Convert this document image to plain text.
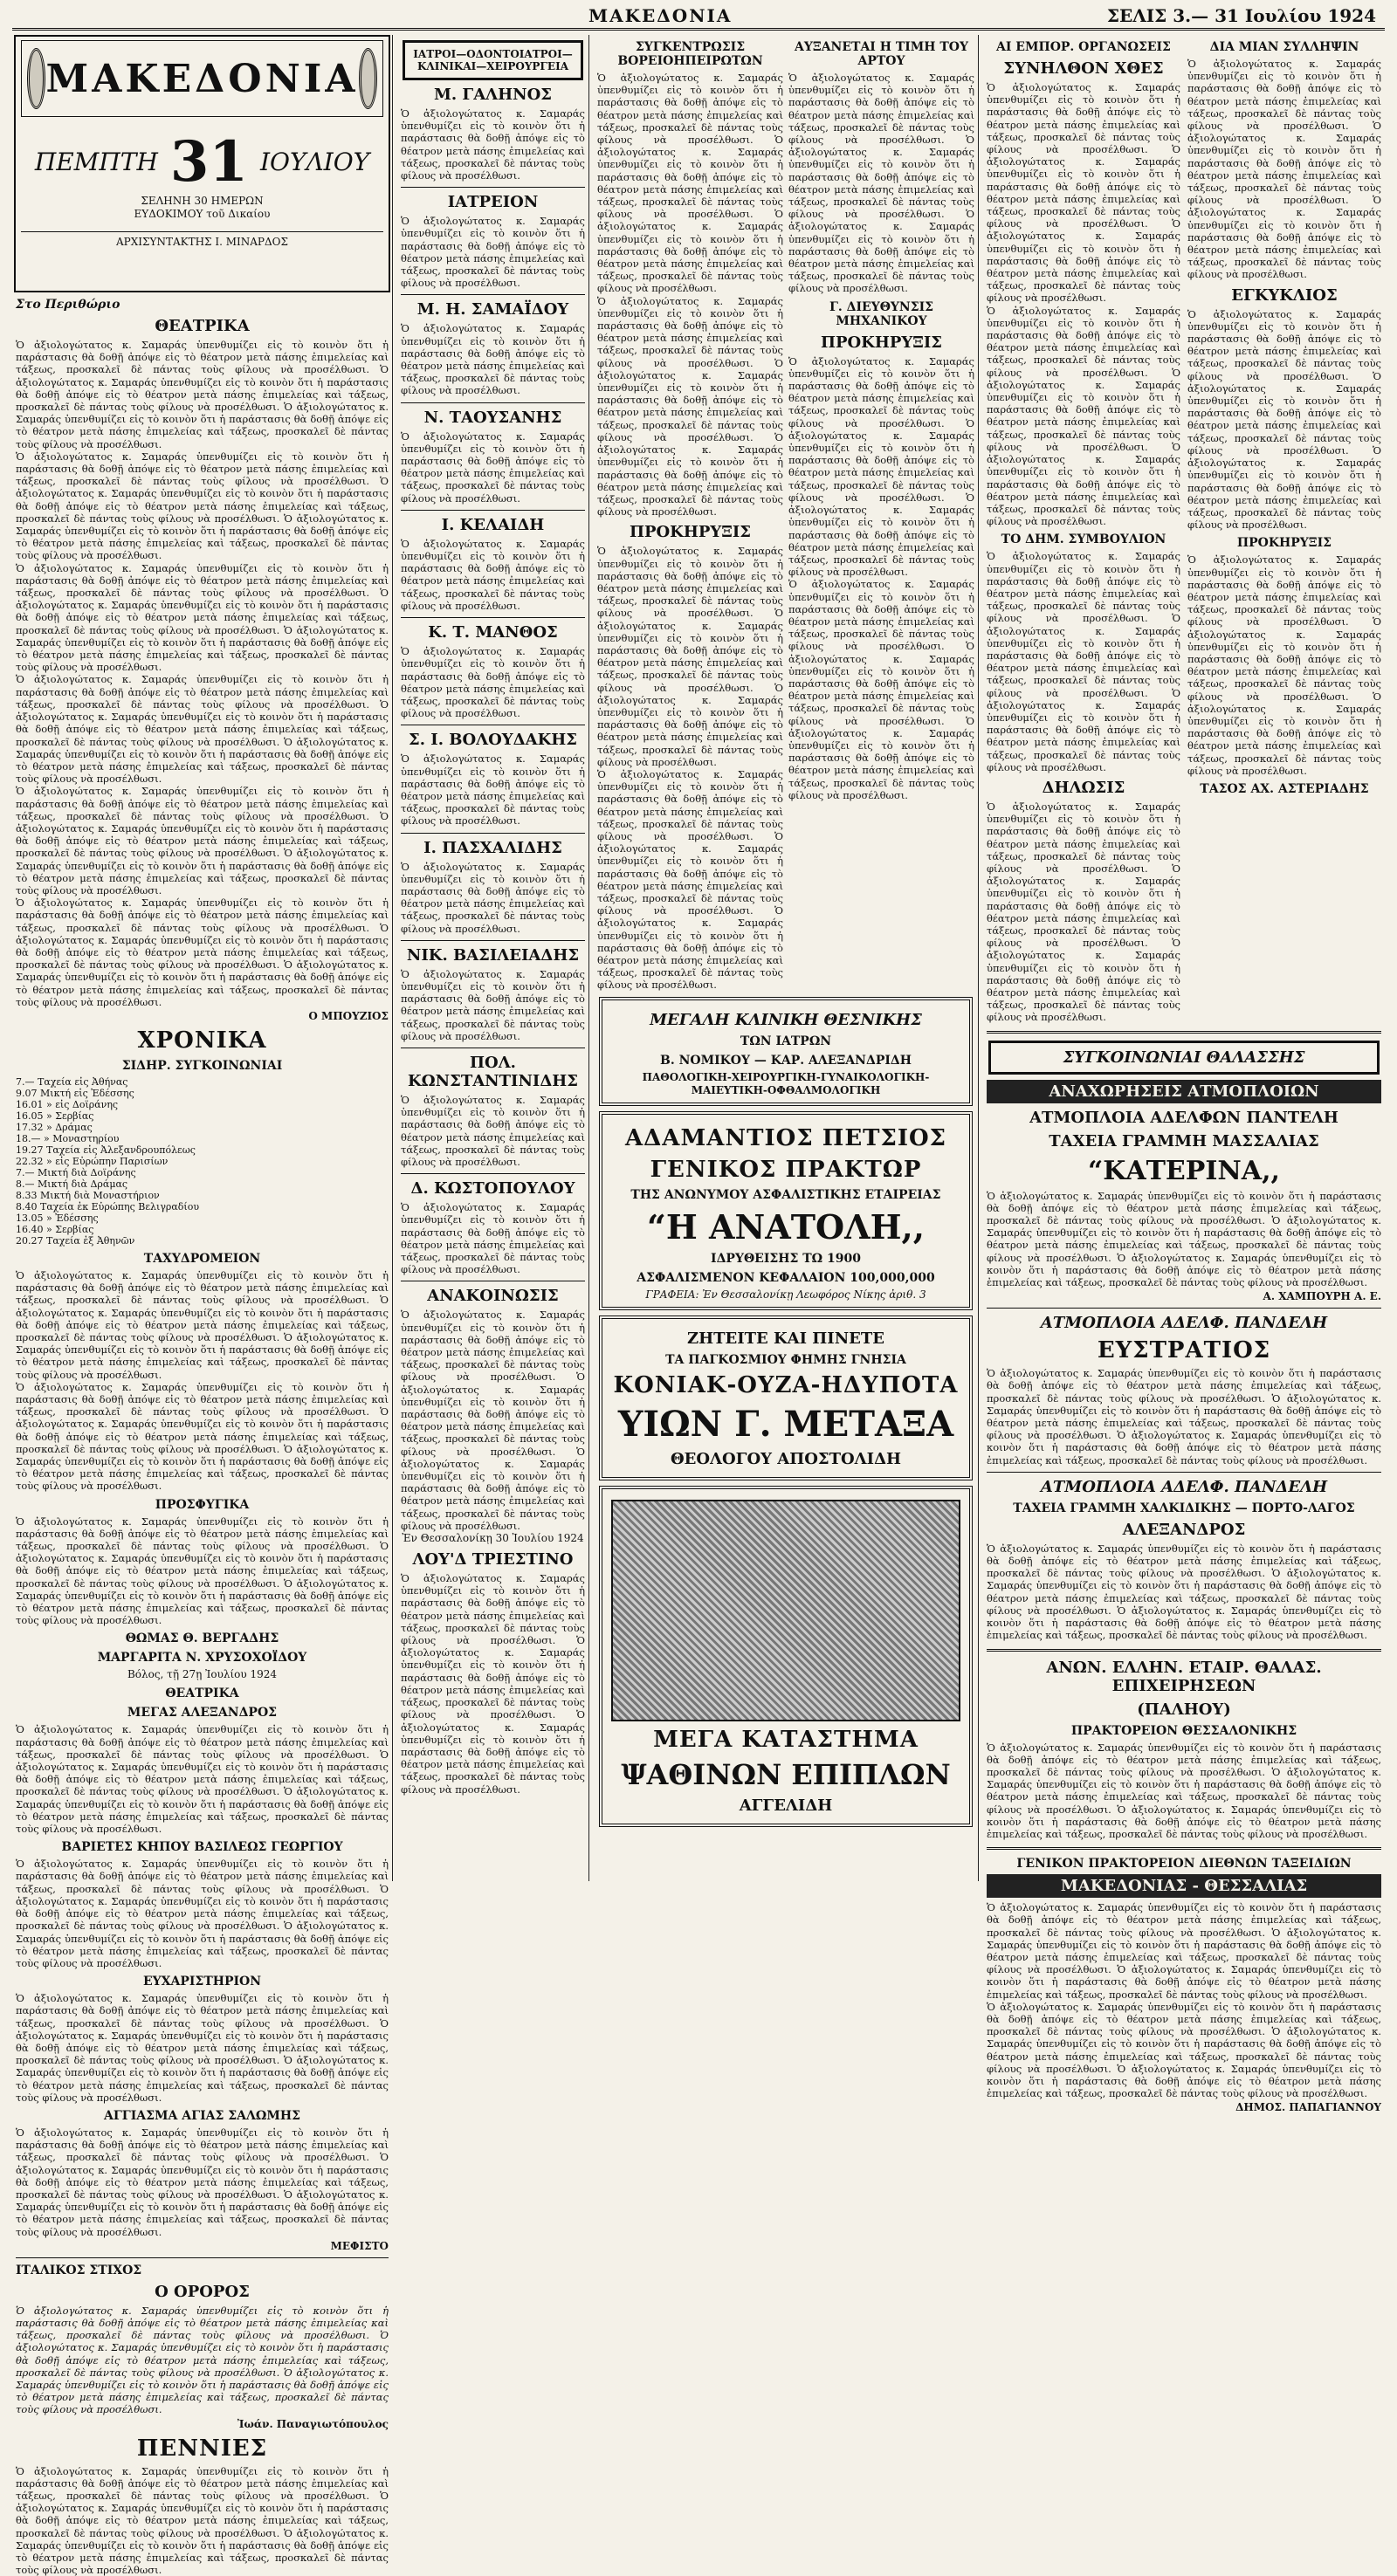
ΜΑΚΕΔΟΝΙΑ	ΣΕΛΙΣ 3.— 31 Ιουλίου 1924
ΜΑΚΕΔΟΝΙΑ
ΠΕΜΠΤΗ 31 ΙΟΥΛΙΟΥ
ΣΕΛΗΝΗ 30 ΗΜΕΡΩΝ
ΕΥΔΟΚΙΜΟΥ τοῦ Δικαίου
ΑΡΧΙΣΥΝΤΑΚΤΗΣ Ι. ΜΙΝΑΡΔΟΣ
Στο Περιθώριο
ΘΕΑΤΡΙΚΑ
Ὁ ἀξιολογώτατος κ. Σαμαράς ὑπενθυμίζει εἰς τὸ κοινὸν ὅτι ἡ παράστασις θὰ δοθῇ ἀπόψε εἰς τὸ θέατρον μετὰ πάσης ἐπιμελείας καὶ τάξεως, προσκαλεῖ δὲ πάντας τοὺς φίλους νὰ προσέλθωσι. Ὁ ἀξιολογώτατος κ. Σαμαράς ὑπενθυμίζει εἰς τὸ κοινὸν ὅτι ἡ παράστασις θὰ δοθῇ ἀπόψε εἰς τὸ θέατρον μετὰ πάσης ἐπιμελείας καὶ τάξεως, προσκαλεῖ δὲ πάντας τοὺς φίλους νὰ προσέλθωσι. Ὁ ἀξιολογώτατος κ. Σαμαράς ὑπενθυμίζει εἰς τὸ κοινὸν ὅτι ἡ παράστασις θὰ δοθῇ ἀπόψε εἰς τὸ θέατρον μετὰ πάσης ἐπιμελείας καὶ τάξεως, προσκαλεῖ δὲ πάντας τοὺς φίλους νὰ προσέλθωσι.
Ὁ ἀξιολογώτατος κ. Σαμαράς ὑπενθυμίζει εἰς τὸ κοινὸν ὅτι ἡ παράστασις θὰ δοθῇ ἀπόψε εἰς τὸ θέατρον μετὰ πάσης ἐπιμελείας καὶ τάξεως, προσκαλεῖ δὲ πάντας τοὺς φίλους νὰ προσέλθωσι. Ὁ ἀξιολογώτατος κ. Σαμαράς ὑπενθυμίζει εἰς τὸ κοινὸν ὅτι ἡ παράστασις θὰ δοθῇ ἀπόψε εἰς τὸ θέατρον μετὰ πάσης ἐπιμελείας καὶ τάξεως, προσκαλεῖ δὲ πάντας τοὺς φίλους νὰ προσέλθωσι. Ὁ ἀξιολογώτατος κ. Σαμαράς ὑπενθυμίζει εἰς τὸ κοινὸν ὅτι ἡ παράστασις θὰ δοθῇ ἀπόψε εἰς τὸ θέατρον μετὰ πάσης ἐπιμελείας καὶ τάξεως, προσκαλεῖ δὲ πάντας τοὺς φίλους νὰ προσέλθωσι.
Ὁ ἀξιολογώτατος κ. Σαμαράς ὑπενθυμίζει εἰς τὸ κοινὸν ὅτι ἡ παράστασις θὰ δοθῇ ἀπόψε εἰς τὸ θέατρον μετὰ πάσης ἐπιμελείας καὶ τάξεως, προσκαλεῖ δὲ πάντας τοὺς φίλους νὰ προσέλθωσι. Ὁ ἀξιολογώτατος κ. Σαμαράς ὑπενθυμίζει εἰς τὸ κοινὸν ὅτι ἡ παράστασις θὰ δοθῇ ἀπόψε εἰς τὸ θέατρον μετὰ πάσης ἐπιμελείας καὶ τάξεως, προσκαλεῖ δὲ πάντας τοὺς φίλους νὰ προσέλθωσι. Ὁ ἀξιολογώτατος κ. Σαμαράς ὑπενθυμίζει εἰς τὸ κοινὸν ὅτι ἡ παράστασις θὰ δοθῇ ἀπόψε εἰς τὸ θέατρον μετὰ πάσης ἐπιμελείας καὶ τάξεως, προσκαλεῖ δὲ πάντας τοὺς φίλους νὰ προσέλθωσι.
Ὁ ἀξιολογώτατος κ. Σαμαράς ὑπενθυμίζει εἰς τὸ κοινὸν ὅτι ἡ παράστασις θὰ δοθῇ ἀπόψε εἰς τὸ θέατρον μετὰ πάσης ἐπιμελείας καὶ τάξεως, προσκαλεῖ δὲ πάντας τοὺς φίλους νὰ προσέλθωσι. Ὁ ἀξιολογώτατος κ. Σαμαράς ὑπενθυμίζει εἰς τὸ κοινὸν ὅτι ἡ παράστασις θὰ δοθῇ ἀπόψε εἰς τὸ θέατρον μετὰ πάσης ἐπιμελείας καὶ τάξεως, προσκαλεῖ δὲ πάντας τοὺς φίλους νὰ προσέλθωσι. Ὁ ἀξιολογώτατος κ. Σαμαράς ὑπενθυμίζει εἰς τὸ κοινὸν ὅτι ἡ παράστασις θὰ δοθῇ ἀπόψε εἰς τὸ θέατρον μετὰ πάσης ἐπιμελείας καὶ τάξεως, προσκαλεῖ δὲ πάντας τοὺς φίλους νὰ προσέλθωσι.
Ὁ ἀξιολογώτατος κ. Σαμαράς ὑπενθυμίζει εἰς τὸ κοινὸν ὅτι ἡ παράστασις θὰ δοθῇ ἀπόψε εἰς τὸ θέατρον μετὰ πάσης ἐπιμελείας καὶ τάξεως, προσκαλεῖ δὲ πάντας τοὺς φίλους νὰ προσέλθωσι. Ὁ ἀξιολογώτατος κ. Σαμαράς ὑπενθυμίζει εἰς τὸ κοινὸν ὅτι ἡ παράστασις θὰ δοθῇ ἀπόψε εἰς τὸ θέατρον μετὰ πάσης ἐπιμελείας καὶ τάξεως, προσκαλεῖ δὲ πάντας τοὺς φίλους νὰ προσέλθωσι. Ὁ ἀξιολογώτατος κ. Σαμαράς ὑπενθυμίζει εἰς τὸ κοινὸν ὅτι ἡ παράστασις θὰ δοθῇ ἀπόψε εἰς τὸ θέατρον μετὰ πάσης ἐπιμελείας καὶ τάξεως, προσκαλεῖ δὲ πάντας τοὺς φίλους νὰ προσέλθωσι.
Ὁ ἀξιολογώτατος κ. Σαμαράς ὑπενθυμίζει εἰς τὸ κοινὸν ὅτι ἡ παράστασις θὰ δοθῇ ἀπόψε εἰς τὸ θέατρον μετὰ πάσης ἐπιμελείας καὶ τάξεως, προσκαλεῖ δὲ πάντας τοὺς φίλους νὰ προσέλθωσι. Ὁ ἀξιολογώτατος κ. Σαμαράς ὑπενθυμίζει εἰς τὸ κοινὸν ὅτι ἡ παράστασις θὰ δοθῇ ἀπόψε εἰς τὸ θέατρον μετὰ πάσης ἐπιμελείας καὶ τάξεως, προσκαλεῖ δὲ πάντας τοὺς φίλους νὰ προσέλθωσι. Ὁ ἀξιολογώτατος κ. Σαμαράς ὑπενθυμίζει εἰς τὸ κοινὸν ὅτι ἡ παράστασις θὰ δοθῇ ἀπόψε εἰς τὸ θέατρον μετὰ πάσης ἐπιμελείας καὶ τάξεως, προσκαλεῖ δὲ πάντας τοὺς φίλους νὰ προσέλθωσι.
Ο ΜΠΟΥΖΙΟΣ
ΧΡΟΝΙΚΑ
ΣΙΔΗΡ. ΣΥΓΚΟΙΝΩΝΙΑΙ
7.— Ταχεία εἰς Ἀθήνας
9.07 Μικτή εἰς Ἐδέσσης
16.01 » εἰς Δοϊράνης
16.05 » Σερβίας
17.32 » Δράμας
18.— » Μοναστηρίου
19.27 Ταχεία εἰς Ἀλεξανδρουπόλεως
22.32 » εἰς Εὐρώπην Παρισίων
7.— Μικτή διὰ Δοϊράνης
8.— Μικτή διὰ Δράμας
8.33 Μικτή διὰ Μοναστήριον
8.40 Ταχεία ἐκ Εὐρώπης Βελιγραδίου
13.05 » Ἐδέσσης
16.40 » Σερβίας
20.27 Ταχεία ἐξ Ἀθηνῶν
ΤΑΧΥΔΡΟΜΕΙΟΝ
Ὁ ἀξιολογώτατος κ. Σαμαράς ὑπενθυμίζει εἰς τὸ κοινὸν ὅτι ἡ παράστασις θὰ δοθῇ ἀπόψε εἰς τὸ θέατρον μετὰ πάσης ἐπιμελείας καὶ τάξεως, προσκαλεῖ δὲ πάντας τοὺς φίλους νὰ προσέλθωσι. Ὁ ἀξιολογώτατος κ. Σαμαράς ὑπενθυμίζει εἰς τὸ κοινὸν ὅτι ἡ παράστασις θὰ δοθῇ ἀπόψε εἰς τὸ θέατρον μετὰ πάσης ἐπιμελείας καὶ τάξεως, προσκαλεῖ δὲ πάντας τοὺς φίλους νὰ προσέλθωσι. Ὁ ἀξιολογώτατος κ. Σαμαράς ὑπενθυμίζει εἰς τὸ κοινὸν ὅτι ἡ παράστασις θὰ δοθῇ ἀπόψε εἰς τὸ θέατρον μετὰ πάσης ἐπιμελείας καὶ τάξεως, προσκαλεῖ δὲ πάντας τοὺς φίλους νὰ προσέλθωσι.
Ὁ ἀξιολογώτατος κ. Σαμαράς ὑπενθυμίζει εἰς τὸ κοινὸν ὅτι ἡ παράστασις θὰ δοθῇ ἀπόψε εἰς τὸ θέατρον μετὰ πάσης ἐπιμελείας καὶ τάξεως, προσκαλεῖ δὲ πάντας τοὺς φίλους νὰ προσέλθωσι. Ὁ ἀξιολογώτατος κ. Σαμαράς ὑπενθυμίζει εἰς τὸ κοινὸν ὅτι ἡ παράστασις θὰ δοθῇ ἀπόψε εἰς τὸ θέατρον μετὰ πάσης ἐπιμελείας καὶ τάξεως, προσκαλεῖ δὲ πάντας τοὺς φίλους νὰ προσέλθωσι. Ὁ ἀξιολογώτατος κ. Σαμαράς ὑπενθυμίζει εἰς τὸ κοινὸν ὅτι ἡ παράστασις θὰ δοθῇ ἀπόψε εἰς τὸ θέατρον μετὰ πάσης ἐπιμελείας καὶ τάξεως, προσκαλεῖ δὲ πάντας τοὺς φίλους νὰ προσέλθωσι.
ΠΡΟΣΦΥΓΙΚΑ
Ὁ ἀξιολογώτατος κ. Σαμαράς ὑπενθυμίζει εἰς τὸ κοινὸν ὅτι ἡ παράστασις θὰ δοθῇ ἀπόψε εἰς τὸ θέατρον μετὰ πάσης ἐπιμελείας καὶ τάξεως, προσκαλεῖ δὲ πάντας τοὺς φίλους νὰ προσέλθωσι. Ὁ ἀξιολογώτατος κ. Σαμαράς ὑπενθυμίζει εἰς τὸ κοινὸν ὅτι ἡ παράστασις θὰ δοθῇ ἀπόψε εἰς τὸ θέατρον μετὰ πάσης ἐπιμελείας καὶ τάξεως, προσκαλεῖ δὲ πάντας τοὺς φίλους νὰ προσέλθωσι. Ὁ ἀξιολογώτατος κ. Σαμαράς ὑπενθυμίζει εἰς τὸ κοινὸν ὅτι ἡ παράστασις θὰ δοθῇ ἀπόψε εἰς τὸ θέατρον μετὰ πάσης ἐπιμελείας καὶ τάξεως, προσκαλεῖ δὲ πάντας τοὺς φίλους νὰ προσέλθωσι.
ΘΩΜΑΣ Θ. ΒΕΡΓΑΔΗΣ
ΜΑΡΓΑΡΙΤΑ Ν. ΧΡΥΣΟΧΟΪΔΟΥ
Βόλος, τῇ 27ῃ Ἰουλίου 1924
ΘΕΑΤΡΙΚΑ
ΜΕΓΑΣ ΑΛΕΞΑΝΔΡΟΣ
Ὁ ἀξιολογώτατος κ. Σαμαράς ὑπενθυμίζει εἰς τὸ κοινὸν ὅτι ἡ παράστασις θὰ δοθῇ ἀπόψε εἰς τὸ θέατρον μετὰ πάσης ἐπιμελείας καὶ τάξεως, προσκαλεῖ δὲ πάντας τοὺς φίλους νὰ προσέλθωσι. Ὁ ἀξιολογώτατος κ. Σαμαράς ὑπενθυμίζει εἰς τὸ κοινὸν ὅτι ἡ παράστασις θὰ δοθῇ ἀπόψε εἰς τὸ θέατρον μετὰ πάσης ἐπιμελείας καὶ τάξεως, προσκαλεῖ δὲ πάντας τοὺς φίλους νὰ προσέλθωσι. Ὁ ἀξιολογώτατος κ. Σαμαράς ὑπενθυμίζει εἰς τὸ κοινὸν ὅτι ἡ παράστασις θὰ δοθῇ ἀπόψε εἰς τὸ θέατρον μετὰ πάσης ἐπιμελείας καὶ τάξεως, προσκαλεῖ δὲ πάντας τοὺς φίλους νὰ προσέλθωσι.
ΒΑΡΙΕΤΕΣ ΚΗΠΟΥ ΒΑΣΙΛΕΩΣ ΓΕΩΡΓΙΟΥ
Ὁ ἀξιολογώτατος κ. Σαμαράς ὑπενθυμίζει εἰς τὸ κοινὸν ὅτι ἡ παράστασις θὰ δοθῇ ἀπόψε εἰς τὸ θέατρον μετὰ πάσης ἐπιμελείας καὶ τάξεως, προσκαλεῖ δὲ πάντας τοὺς φίλους νὰ προσέλθωσι. Ὁ ἀξιολογώτατος κ. Σαμαράς ὑπενθυμίζει εἰς τὸ κοινὸν ὅτι ἡ παράστασις θὰ δοθῇ ἀπόψε εἰς τὸ θέατρον μετὰ πάσης ἐπιμελείας καὶ τάξεως, προσκαλεῖ δὲ πάντας τοὺς φίλους νὰ προσέλθωσι. Ὁ ἀξιολογώτατος κ. Σαμαράς ὑπενθυμίζει εἰς τὸ κοινὸν ὅτι ἡ παράστασις θὰ δοθῇ ἀπόψε εἰς τὸ θέατρον μετὰ πάσης ἐπιμελείας καὶ τάξεως, προσκαλεῖ δὲ πάντας τοὺς φίλους νὰ προσέλθωσι.
ΕΥΧΑΡΙΣΤΗΡΙΟΝ
Ὁ ἀξιολογώτατος κ. Σαμαράς ὑπενθυμίζει εἰς τὸ κοινὸν ὅτι ἡ παράστασις θὰ δοθῇ ἀπόψε εἰς τὸ θέατρον μετὰ πάσης ἐπιμελείας καὶ τάξεως, προσκαλεῖ δὲ πάντας τοὺς φίλους νὰ προσέλθωσι. Ὁ ἀξιολογώτατος κ. Σαμαράς ὑπενθυμίζει εἰς τὸ κοινὸν ὅτι ἡ παράστασις θὰ δοθῇ ἀπόψε εἰς τὸ θέατρον μετὰ πάσης ἐπιμελείας καὶ τάξεως, προσκαλεῖ δὲ πάντας τοὺς φίλους νὰ προσέλθωσι. Ὁ ἀξιολογώτατος κ. Σαμαράς ὑπενθυμίζει εἰς τὸ κοινὸν ὅτι ἡ παράστασις θὰ δοθῇ ἀπόψε εἰς τὸ θέατρον μετὰ πάσης ἐπιμελείας καὶ τάξεως, προσκαλεῖ δὲ πάντας τοὺς φίλους νὰ προσέλθωσι.
ΑΓΓΙΑΣΜΑ ΑΓΙΑΣ ΣΑΛΩΜΗΣ
Ὁ ἀξιολογώτατος κ. Σαμαράς ὑπενθυμίζει εἰς τὸ κοινὸν ὅτι ἡ παράστασις θὰ δοθῇ ἀπόψε εἰς τὸ θέατρον μετὰ πάσης ἐπιμελείας καὶ τάξεως, προσκαλεῖ δὲ πάντας τοὺς φίλους νὰ προσέλθωσι. Ὁ ἀξιολογώτατος κ. Σαμαράς ὑπενθυμίζει εἰς τὸ κοινὸν ὅτι ἡ παράστασις θὰ δοθῇ ἀπόψε εἰς τὸ θέατρον μετὰ πάσης ἐπιμελείας καὶ τάξεως, προσκαλεῖ δὲ πάντας τοὺς φίλους νὰ προσέλθωσι. Ὁ ἀξιολογώτατος κ. Σαμαράς ὑπενθυμίζει εἰς τὸ κοινὸν ὅτι ἡ παράστασις θὰ δοθῇ ἀπόψε εἰς τὸ θέατρον μετὰ πάσης ἐπιμελείας καὶ τάξεως, προσκαλεῖ δὲ πάντας τοὺς φίλους νὰ προσέλθωσι.
ΜΕΦΙΣΤΟ
ΙΤΑΛΙΚΟΣ ΣΤΙΧΟΣ
Ο ΟΡΟΡΟΣ
Ὁ ἀξιολογώτατος κ. Σαμαράς ὑπενθυμίζει εἰς τὸ κοινὸν ὅτι ἡ παράστασις θὰ δοθῇ ἀπόψε εἰς τὸ θέατρον μετὰ πάσης ἐπιμελείας καὶ τάξεως, προσκαλεῖ δὲ πάντας τοὺς φίλους νὰ προσέλθωσι. Ὁ ἀξιολογώτατος κ. Σαμαράς ὑπενθυμίζει εἰς τὸ κοινὸν ὅτι ἡ παράστασις θὰ δοθῇ ἀπόψε εἰς τὸ θέατρον μετὰ πάσης ἐπιμελείας καὶ τάξεως, προσκαλεῖ δὲ πάντας τοὺς φίλους νὰ προσέλθωσι. Ὁ ἀξιολογώτατος κ. Σαμαράς ὑπενθυμίζει εἰς τὸ κοινὸν ὅτι ἡ παράστασις θὰ δοθῇ ἀπόψε εἰς τὸ θέατρον μετὰ πάσης ἐπιμελείας καὶ τάξεως, προσκαλεῖ δὲ πάντας τοὺς φίλους νὰ προσέλθωσι.
Ἰωάν. Παναγιωτόπουλος
ΠΕΝΝΙΕΣ
Ὁ ἀξιολογώτατος κ. Σαμαράς ὑπενθυμίζει εἰς τὸ κοινὸν ὅτι ἡ παράστασις θὰ δοθῇ ἀπόψε εἰς τὸ θέατρον μετὰ πάσης ἐπιμελείας καὶ τάξεως, προσκαλεῖ δὲ πάντας τοὺς φίλους νὰ προσέλθωσι. Ὁ ἀξιολογώτατος κ. Σαμαράς ὑπενθυμίζει εἰς τὸ κοινὸν ὅτι ἡ παράστασις θὰ δοθῇ ἀπόψε εἰς τὸ θέατρον μετὰ πάσης ἐπιμελείας καὶ τάξεως, προσκαλεῖ δὲ πάντας τοὺς φίλους νὰ προσέλθωσι. Ὁ ἀξιολογώτατος κ. Σαμαράς ὑπενθυμίζει εἰς τὸ κοινὸν ὅτι ἡ παράστασις θὰ δοθῇ ἀπόψε εἰς τὸ θέατρον μετὰ πάσης ἐπιμελείας καὶ τάξεως, προσκαλεῖ δὲ πάντας τοὺς φίλους νὰ προσέλθωσι.
ΙΑΤΡΟΙ—ΟΔΟΝΤΟΙΑΤΡΟΙ—ΚΛΙΝΙΚΑΙ—ΧΕΙΡΟΥΡΓΕΙΑ
Μ. ΓΑΛΗΝΟΣ
Ὁ ἀξιολογώτατος κ. Σαμαράς ὑπενθυμίζει εἰς τὸ κοινὸν ὅτι ἡ παράστασις θὰ δοθῇ ἀπόψε εἰς τὸ θέατρον μετὰ πάσης ἐπιμελείας καὶ τάξεως, προσκαλεῖ δὲ πάντας τοὺς φίλους νὰ προσέλθωσι.
ΙΑΤΡΕΙΟΝ
Ὁ ἀξιολογώτατος κ. Σαμαράς ὑπενθυμίζει εἰς τὸ κοινὸν ὅτι ἡ παράστασις θὰ δοθῇ ἀπόψε εἰς τὸ θέατρον μετὰ πάσης ἐπιμελείας καὶ τάξεως, προσκαλεῖ δὲ πάντας τοὺς φίλους νὰ προσέλθωσι.
Μ. Η. ΣΑΜΑΪΔΟΥ
Ὁ ἀξιολογώτατος κ. Σαμαράς ὑπενθυμίζει εἰς τὸ κοινὸν ὅτι ἡ παράστασις θὰ δοθῇ ἀπόψε εἰς τὸ θέατρον μετὰ πάσης ἐπιμελείας καὶ τάξεως, προσκαλεῖ δὲ πάντας τοὺς φίλους νὰ προσέλθωσι.
Ν. ΤΑΟΥΣΑΝΗΣ
Ὁ ἀξιολογώτατος κ. Σαμαράς ὑπενθυμίζει εἰς τὸ κοινὸν ὅτι ἡ παράστασις θὰ δοθῇ ἀπόψε εἰς τὸ θέατρον μετὰ πάσης ἐπιμελείας καὶ τάξεως, προσκαλεῖ δὲ πάντας τοὺς φίλους νὰ προσέλθωσι.
Ι. ΚΕΛΑΙΔΗ
Ὁ ἀξιολογώτατος κ. Σαμαράς ὑπενθυμίζει εἰς τὸ κοινὸν ὅτι ἡ παράστασις θὰ δοθῇ ἀπόψε εἰς τὸ θέατρον μετὰ πάσης ἐπιμελείας καὶ τάξεως, προσκαλεῖ δὲ πάντας τοὺς φίλους νὰ προσέλθωσι.
Κ. Τ. ΜΑΝΘΟΣ
Ὁ ἀξιολογώτατος κ. Σαμαράς ὑπενθυμίζει εἰς τὸ κοινὸν ὅτι ἡ παράστασις θὰ δοθῇ ἀπόψε εἰς τὸ θέατρον μετὰ πάσης ἐπιμελείας καὶ τάξεως, προσκαλεῖ δὲ πάντας τοὺς φίλους νὰ προσέλθωσι.
Σ. Ι. ΒΟΛΟΥΔΑΚΗΣ
Ὁ ἀξιολογώτατος κ. Σαμαράς ὑπενθυμίζει εἰς τὸ κοινὸν ὅτι ἡ παράστασις θὰ δοθῇ ἀπόψε εἰς τὸ θέατρον μετὰ πάσης ἐπιμελείας καὶ τάξεως, προσκαλεῖ δὲ πάντας τοὺς φίλους νὰ προσέλθωσι.
Ι. ΠΑΣΧΑΛΙΔΗΣ
Ὁ ἀξιολογώτατος κ. Σαμαράς ὑπενθυμίζει εἰς τὸ κοινὸν ὅτι ἡ παράστασις θὰ δοθῇ ἀπόψε εἰς τὸ θέατρον μετὰ πάσης ἐπιμελείας καὶ τάξεως, προσκαλεῖ δὲ πάντας τοὺς φίλους νὰ προσέλθωσι.
ΝΙΚ. ΒΑΣΙΛΕΙΑΔΗΣ
Ὁ ἀξιολογώτατος κ. Σαμαράς ὑπενθυμίζει εἰς τὸ κοινὸν ὅτι ἡ παράστασις θὰ δοθῇ ἀπόψε εἰς τὸ θέατρον μετὰ πάσης ἐπιμελείας καὶ τάξεως, προσκαλεῖ δὲ πάντας τοὺς φίλους νὰ προσέλθωσι.
ΠΟΛ. ΚΩΝΣΤΑΝΤΙΝΙΔΗΣ
Ὁ ἀξιολογώτατος κ. Σαμαράς ὑπενθυμίζει εἰς τὸ κοινὸν ὅτι ἡ παράστασις θὰ δοθῇ ἀπόψε εἰς τὸ θέατρον μετὰ πάσης ἐπιμελείας καὶ τάξεως, προσκαλεῖ δὲ πάντας τοὺς φίλους νὰ προσέλθωσι.
Δ. ΚΩΣΤΟΠΟΥΛΟΥ
Ὁ ἀξιολογώτατος κ. Σαμαράς ὑπενθυμίζει εἰς τὸ κοινὸν ὅτι ἡ παράστασις θὰ δοθῇ ἀπόψε εἰς τὸ θέατρον μετὰ πάσης ἐπιμελείας καὶ τάξεως, προσκαλεῖ δὲ πάντας τοὺς φίλους νὰ προσέλθωσι.
ΑΝΑΚΟΙΝΩΣΙΣ
Ὁ ἀξιολογώτατος κ. Σαμαράς ὑπενθυμίζει εἰς τὸ κοινὸν ὅτι ἡ παράστασις θὰ δοθῇ ἀπόψε εἰς τὸ θέατρον μετὰ πάσης ἐπιμελείας καὶ τάξεως, προσκαλεῖ δὲ πάντας τοὺς φίλους νὰ προσέλθωσι. Ὁ ἀξιολογώτατος κ. Σαμαράς ὑπενθυμίζει εἰς τὸ κοινὸν ὅτι ἡ παράστασις θὰ δοθῇ ἀπόψε εἰς τὸ θέατρον μετὰ πάσης ἐπιμελείας καὶ τάξεως, προσκαλεῖ δὲ πάντας τοὺς φίλους νὰ προσέλθωσι. Ὁ ἀξιολογώτατος κ. Σαμαράς ὑπενθυμίζει εἰς τὸ κοινὸν ὅτι ἡ παράστασις θὰ δοθῇ ἀπόψε εἰς τὸ θέατρον μετὰ πάσης ἐπιμελείας καὶ τάξεως, προσκαλεῖ δὲ πάντας τοὺς φίλους νὰ προσέλθωσι.
Ἐν Θεσσαλονίκῃ 30 Ἰουλίου 1924
ΛΟΥ'Δ ΤΡΙΕΣΤΙΝΟ
Ὁ ἀξιολογώτατος κ. Σαμαράς ὑπενθυμίζει εἰς τὸ κοινὸν ὅτι ἡ παράστασις θὰ δοθῇ ἀπόψε εἰς τὸ θέατρον μετὰ πάσης ἐπιμελείας καὶ τάξεως, προσκαλεῖ δὲ πάντας τοὺς φίλους νὰ προσέλθωσι. Ὁ ἀξιολογώτατος κ. Σαμαράς ὑπενθυμίζει εἰς τὸ κοινὸν ὅτι ἡ παράστασις θὰ δοθῇ ἀπόψε εἰς τὸ θέατρον μετὰ πάσης ἐπιμελείας καὶ τάξεως, προσκαλεῖ δὲ πάντας τοὺς φίλους νὰ προσέλθωσι. Ὁ ἀξιολογώτατος κ. Σαμαράς ὑπενθυμίζει εἰς τὸ κοινὸν ὅτι ἡ παράστασις θὰ δοθῇ ἀπόψε εἰς τὸ θέατρον μετὰ πάσης ἐπιμελείας καὶ τάξεως, προσκαλεῖ δὲ πάντας τοὺς φίλους νὰ προσέλθωσι.
ΣΥΓΚΕΝΤΡΩΣΙΣ ΒΟΡΕΙΟΗΠΕΙΡΩΤΩΝ
Ὁ ἀξιολογώτατος κ. Σαμαράς ὑπενθυμίζει εἰς τὸ κοινὸν ὅτι ἡ παράστασις θὰ δοθῇ ἀπόψε εἰς τὸ θέατρον μετὰ πάσης ἐπιμελείας καὶ τάξεως, προσκαλεῖ δὲ πάντας τοὺς φίλους νὰ προσέλθωσι. Ὁ ἀξιολογώτατος κ. Σαμαράς ὑπενθυμίζει εἰς τὸ κοινὸν ὅτι ἡ παράστασις θὰ δοθῇ ἀπόψε εἰς τὸ θέατρον μετὰ πάσης ἐπιμελείας καὶ τάξεως, προσκαλεῖ δὲ πάντας τοὺς φίλους νὰ προσέλθωσι. Ὁ ἀξιολογώτατος κ. Σαμαράς ὑπενθυμίζει εἰς τὸ κοινὸν ὅτι ἡ παράστασις θὰ δοθῇ ἀπόψε εἰς τὸ θέατρον μετὰ πάσης ἐπιμελείας καὶ τάξεως, προσκαλεῖ δὲ πάντας τοὺς φίλους νὰ προσέλθωσι.
Ὁ ἀξιολογώτατος κ. Σαμαράς ὑπενθυμίζει εἰς τὸ κοινὸν ὅτι ἡ παράστασις θὰ δοθῇ ἀπόψε εἰς τὸ θέατρον μετὰ πάσης ἐπιμελείας καὶ τάξεως, προσκαλεῖ δὲ πάντας τοὺς φίλους νὰ προσέλθωσι. Ὁ ἀξιολογώτατος κ. Σαμαράς ὑπενθυμίζει εἰς τὸ κοινὸν ὅτι ἡ παράστασις θὰ δοθῇ ἀπόψε εἰς τὸ θέατρον μετὰ πάσης ἐπιμελείας καὶ τάξεως, προσκαλεῖ δὲ πάντας τοὺς φίλους νὰ προσέλθωσι. Ὁ ἀξιολογώτατος κ. Σαμαράς ὑπενθυμίζει εἰς τὸ κοινὸν ὅτι ἡ παράστασις θὰ δοθῇ ἀπόψε εἰς τὸ θέατρον μετὰ πάσης ἐπιμελείας καὶ τάξεως, προσκαλεῖ δὲ πάντας τοὺς φίλους νὰ προσέλθωσι.
ΠΡΟΚΗΡΥΞΙΣ
Ὁ ἀξιολογώτατος κ. Σαμαράς ὑπενθυμίζει εἰς τὸ κοινὸν ὅτι ἡ παράστασις θὰ δοθῇ ἀπόψε εἰς τὸ θέατρον μετὰ πάσης ἐπιμελείας καὶ τάξεως, προσκαλεῖ δὲ πάντας τοὺς φίλους νὰ προσέλθωσι. Ὁ ἀξιολογώτατος κ. Σαμαράς ὑπενθυμίζει εἰς τὸ κοινὸν ὅτι ἡ παράστασις θὰ δοθῇ ἀπόψε εἰς τὸ θέατρον μετὰ πάσης ἐπιμελείας καὶ τάξεως, προσκαλεῖ δὲ πάντας τοὺς φίλους νὰ προσέλθωσι. Ὁ ἀξιολογώτατος κ. Σαμαράς ὑπενθυμίζει εἰς τὸ κοινὸν ὅτι ἡ παράστασις θὰ δοθῇ ἀπόψε εἰς τὸ θέατρον μετὰ πάσης ἐπιμελείας καὶ τάξεως, προσκαλεῖ δὲ πάντας τοὺς φίλους νὰ προσέλθωσι.
Ὁ ἀξιολογώτατος κ. Σαμαράς ὑπενθυμίζει εἰς τὸ κοινὸν ὅτι ἡ παράστασις θὰ δοθῇ ἀπόψε εἰς τὸ θέατρον μετὰ πάσης ἐπιμελείας καὶ τάξεως, προσκαλεῖ δὲ πάντας τοὺς φίλους νὰ προσέλθωσι. Ὁ ἀξιολογώτατος κ. Σαμαράς ὑπενθυμίζει εἰς τὸ κοινὸν ὅτι ἡ παράστασις θὰ δοθῇ ἀπόψε εἰς τὸ θέατρον μετὰ πάσης ἐπιμελείας καὶ τάξεως, προσκαλεῖ δὲ πάντας τοὺς φίλους νὰ προσέλθωσι. Ὁ ἀξιολογώτατος κ. Σαμαράς ὑπενθυμίζει εἰς τὸ κοινὸν ὅτι ἡ παράστασις θὰ δοθῇ ἀπόψε εἰς τὸ θέατρον μετὰ πάσης ἐπιμελείας καὶ τάξεως, προσκαλεῖ δὲ πάντας τοὺς φίλους νὰ προσέλθωσι.
ΑΥΞΑΝΕΤΑΙ Η ΤΙΜΗ ΤΟΥ ΑΡΤΟΥ
Ὁ ἀξιολογώτατος κ. Σαμαράς ὑπενθυμίζει εἰς τὸ κοινὸν ὅτι ἡ παράστασις θὰ δοθῇ ἀπόψε εἰς τὸ θέατρον μετὰ πάσης ἐπιμελείας καὶ τάξεως, προσκαλεῖ δὲ πάντας τοὺς φίλους νὰ προσέλθωσι. Ὁ ἀξιολογώτατος κ. Σαμαράς ὑπενθυμίζει εἰς τὸ κοινὸν ὅτι ἡ παράστασις θὰ δοθῇ ἀπόψε εἰς τὸ θέατρον μετὰ πάσης ἐπιμελείας καὶ τάξεως, προσκαλεῖ δὲ πάντας τοὺς φίλους νὰ προσέλθωσι. Ὁ ἀξιολογώτατος κ. Σαμαράς ὑπενθυμίζει εἰς τὸ κοινὸν ὅτι ἡ παράστασις θὰ δοθῇ ἀπόψε εἰς τὸ θέατρον μετὰ πάσης ἐπιμελείας καὶ τάξεως, προσκαλεῖ δὲ πάντας τοὺς φίλους νὰ προσέλθωσι.
Γ. ΔΙΕΥΘΥΝΣΙΣ ΜΗΧΑΝΙΚΟΥ
ΠΡΟΚΗΡΥΞΙΣ
Ὁ ἀξιολογώτατος κ. Σαμαράς ὑπενθυμίζει εἰς τὸ κοινὸν ὅτι ἡ παράστασις θὰ δοθῇ ἀπόψε εἰς τὸ θέατρον μετὰ πάσης ἐπιμελείας καὶ τάξεως, προσκαλεῖ δὲ πάντας τοὺς φίλους νὰ προσέλθωσι. Ὁ ἀξιολογώτατος κ. Σαμαράς ὑπενθυμίζει εἰς τὸ κοινὸν ὅτι ἡ παράστασις θὰ δοθῇ ἀπόψε εἰς τὸ θέατρον μετὰ πάσης ἐπιμελείας καὶ τάξεως, προσκαλεῖ δὲ πάντας τοὺς φίλους νὰ προσέλθωσι. Ὁ ἀξιολογώτατος κ. Σαμαράς ὑπενθυμίζει εἰς τὸ κοινὸν ὅτι ἡ παράστασις θὰ δοθῇ ἀπόψε εἰς τὸ θέατρον μετὰ πάσης ἐπιμελείας καὶ τάξεως, προσκαλεῖ δὲ πάντας τοὺς φίλους νὰ προσέλθωσι.
Ὁ ἀξιολογώτατος κ. Σαμαράς ὑπενθυμίζει εἰς τὸ κοινὸν ὅτι ἡ παράστασις θὰ δοθῇ ἀπόψε εἰς τὸ θέατρον μετὰ πάσης ἐπιμελείας καὶ τάξεως, προσκαλεῖ δὲ πάντας τοὺς φίλους νὰ προσέλθωσι. Ὁ ἀξιολογώτατος κ. Σαμαράς ὑπενθυμίζει εἰς τὸ κοινὸν ὅτι ἡ παράστασις θὰ δοθῇ ἀπόψε εἰς τὸ θέατρον μετὰ πάσης ἐπιμελείας καὶ τάξεως, προσκαλεῖ δὲ πάντας τοὺς φίλους νὰ προσέλθωσι. Ὁ ἀξιολογώτατος κ. Σαμαράς ὑπενθυμίζει εἰς τὸ κοινὸν ὅτι ἡ παράστασις θὰ δοθῇ ἀπόψε εἰς τὸ θέατρον μετὰ πάσης ἐπιμελείας καὶ τάξεως, προσκαλεῖ δὲ πάντας τοὺς φίλους νὰ προσέλθωσι.
ΜΕΓΑΛΗ ΚΛΙΝΙΚΗ ΘΕΣΝΙΚΗΣ
ΤΩΝ ΙΑΤΡΩΝ
Β. ΝΟΜΙΚΟΥ — ΚΑΡ. ΑΛΕΞΑΝΔΡΙΔΗ
ΠΑΘΟΛΟΓΙΚΗ-ΧΕΙΡΟΥΡΓΙΚΗ-ΓΥΝΑΙΚΟΛΟΓΙΚΗ-ΜΑΙΕΥΤΙΚΗ-ΟΦΘΑΛΜΟΛΟΓΙΚΗ
ΑΔΑΜΑΝΤΙΟΣ ΠΕΤΣΙΟΣ
ΓΕΝΙΚΟΣ ΠΡΑΚΤΩΡ
ΤΗΣ ΑΝΩΝΥΜΟΥ ΑΣΦΑΛΙΣΤΙΚΗΣ ΕΤΑΙΡΕΙΑΣ
“Η ΑΝΑΤΟΛΗ,,
ΙΔΡΥΘΕΙΣΗΣ ΤΩ 1900
ΑΣΦΑΛΙΣΜΕΝΟΝ ΚΕΦΑΛΑΙΟΝ 100,000,000
ΓΡΑΦΕΙΑ: Ἐν Θεσσαλονίκῃ Λεωφόρος Νίκης ἀριθ. 3
ΖΗΤΕΙΤΕ ΚΑΙ ΠΙΝΕΤΕ
ΤΑ ΠΑΓΚΟΣΜΙΟΥ ΦΗΜΗΣ ΓΝΗΣΙΑ
ΚΟΝΙΑΚ-ΟΥΖΑ-ΗΔΥΠΟΤΑ
ΥΙΩΝ Γ. ΜΕΤΑΞΑ
ΘΕΟΛΟΓΟΥ ΑΠΟΣΤΟΛΙΔΗ
ΜΕΓΑ ΚΑΤΑΣΤΗΜΑ
ΨΑΘΙΝΩΝ ΕΠΙΠΛΩΝ
ΑΓΓΕΛΙΔΗ
ΑΙ ΕΜΠΟΡ. ΟΡΓΑΝΩΣΕΙΣ
ΣΥΝΗΛΘΟΝ ΧΘΕΣ
Ὁ ἀξιολογώτατος κ. Σαμαράς ὑπενθυμίζει εἰς τὸ κοινὸν ὅτι ἡ παράστασις θὰ δοθῇ ἀπόψε εἰς τὸ θέατρον μετὰ πάσης ἐπιμελείας καὶ τάξεως, προσκαλεῖ δὲ πάντας τοὺς φίλους νὰ προσέλθωσι. Ὁ ἀξιολογώτατος κ. Σαμαράς ὑπενθυμίζει εἰς τὸ κοινὸν ὅτι ἡ παράστασις θὰ δοθῇ ἀπόψε εἰς τὸ θέατρον μετὰ πάσης ἐπιμελείας καὶ τάξεως, προσκαλεῖ δὲ πάντας τοὺς φίλους νὰ προσέλθωσι. Ὁ ἀξιολογώτατος κ. Σαμαράς ὑπενθυμίζει εἰς τὸ κοινὸν ὅτι ἡ παράστασις θὰ δοθῇ ἀπόψε εἰς τὸ θέατρον μετὰ πάσης ἐπιμελείας καὶ τάξεως, προσκαλεῖ δὲ πάντας τοὺς φίλους νὰ προσέλθωσι.
Ὁ ἀξιολογώτατος κ. Σαμαράς ὑπενθυμίζει εἰς τὸ κοινὸν ὅτι ἡ παράστασις θὰ δοθῇ ἀπόψε εἰς τὸ θέατρον μετὰ πάσης ἐπιμελείας καὶ τάξεως, προσκαλεῖ δὲ πάντας τοὺς φίλους νὰ προσέλθωσι. Ὁ ἀξιολογώτατος κ. Σαμαράς ὑπενθυμίζει εἰς τὸ κοινὸν ὅτι ἡ παράστασις θὰ δοθῇ ἀπόψε εἰς τὸ θέατρον μετὰ πάσης ἐπιμελείας καὶ τάξεως, προσκαλεῖ δὲ πάντας τοὺς φίλους νὰ προσέλθωσι. Ὁ ἀξιολογώτατος κ. Σαμαράς ὑπενθυμίζει εἰς τὸ κοινὸν ὅτι ἡ παράστασις θὰ δοθῇ ἀπόψε εἰς τὸ θέατρον μετὰ πάσης ἐπιμελείας καὶ τάξεως, προσκαλεῖ δὲ πάντας τοὺς φίλους νὰ προσέλθωσι.
ΤΟ ΔΗΜ. ΣΥΜΒΟΥΛΙΟΝ
Ὁ ἀξιολογώτατος κ. Σαμαράς ὑπενθυμίζει εἰς τὸ κοινὸν ὅτι ἡ παράστασις θὰ δοθῇ ἀπόψε εἰς τὸ θέατρον μετὰ πάσης ἐπιμελείας καὶ τάξεως, προσκαλεῖ δὲ πάντας τοὺς φίλους νὰ προσέλθωσι. Ὁ ἀξιολογώτατος κ. Σαμαράς ὑπενθυμίζει εἰς τὸ κοινὸν ὅτι ἡ παράστασις θὰ δοθῇ ἀπόψε εἰς τὸ θέατρον μετὰ πάσης ἐπιμελείας καὶ τάξεως, προσκαλεῖ δὲ πάντας τοὺς φίλους νὰ προσέλθωσι. Ὁ ἀξιολογώτατος κ. Σαμαράς ὑπενθυμίζει εἰς τὸ κοινὸν ὅτι ἡ παράστασις θὰ δοθῇ ἀπόψε εἰς τὸ θέατρον μετὰ πάσης ἐπιμελείας καὶ τάξεως, προσκαλεῖ δὲ πάντας τοὺς φίλους νὰ προσέλθωσι.
ΔΗΛΩΣΙΣ
Ὁ ἀξιολογώτατος κ. Σαμαράς ὑπενθυμίζει εἰς τὸ κοινὸν ὅτι ἡ παράστασις θὰ δοθῇ ἀπόψε εἰς τὸ θέατρον μετὰ πάσης ἐπιμελείας καὶ τάξεως, προσκαλεῖ δὲ πάντας τοὺς φίλους νὰ προσέλθωσι. Ὁ ἀξιολογώτατος κ. Σαμαράς ὑπενθυμίζει εἰς τὸ κοινὸν ὅτι ἡ παράστασις θὰ δοθῇ ἀπόψε εἰς τὸ θέατρον μετὰ πάσης ἐπιμελείας καὶ τάξεως, προσκαλεῖ δὲ πάντας τοὺς φίλους νὰ προσέλθωσι. Ὁ ἀξιολογώτατος κ. Σαμαράς ὑπενθυμίζει εἰς τὸ κοινὸν ὅτι ἡ παράστασις θὰ δοθῇ ἀπόψε εἰς τὸ θέατρον μετὰ πάσης ἐπιμελείας καὶ τάξεως, προσκαλεῖ δὲ πάντας τοὺς φίλους νὰ προσέλθωσι.
ΔΙΑ ΜΙΑΝ ΣΥΛΛΗΨΙΝ
Ὁ ἀξιολογώτατος κ. Σαμαράς ὑπενθυμίζει εἰς τὸ κοινὸν ὅτι ἡ παράστασις θὰ δοθῇ ἀπόψε εἰς τὸ θέατρον μετὰ πάσης ἐπιμελείας καὶ τάξεως, προσκαλεῖ δὲ πάντας τοὺς φίλους νὰ προσέλθωσι. Ὁ ἀξιολογώτατος κ. Σαμαράς ὑπενθυμίζει εἰς τὸ κοινὸν ὅτι ἡ παράστασις θὰ δοθῇ ἀπόψε εἰς τὸ θέατρον μετὰ πάσης ἐπιμελείας καὶ τάξεως, προσκαλεῖ δὲ πάντας τοὺς φίλους νὰ προσέλθωσι. Ὁ ἀξιολογώτατος κ. Σαμαράς ὑπενθυμίζει εἰς τὸ κοινὸν ὅτι ἡ παράστασις θὰ δοθῇ ἀπόψε εἰς τὸ θέατρον μετὰ πάσης ἐπιμελείας καὶ τάξεως, προσκαλεῖ δὲ πάντας τοὺς φίλους νὰ προσέλθωσι.
ΕΓΚΥΚΛΙΟΣ
Ὁ ἀξιολογώτατος κ. Σαμαράς ὑπενθυμίζει εἰς τὸ κοινὸν ὅτι ἡ παράστασις θὰ δοθῇ ἀπόψε εἰς τὸ θέατρον μετὰ πάσης ἐπιμελείας καὶ τάξεως, προσκαλεῖ δὲ πάντας τοὺς φίλους νὰ προσέλθωσι. Ὁ ἀξιολογώτατος κ. Σαμαράς ὑπενθυμίζει εἰς τὸ κοινὸν ὅτι ἡ παράστασις θὰ δοθῇ ἀπόψε εἰς τὸ θέατρον μετὰ πάσης ἐπιμελείας καὶ τάξεως, προσκαλεῖ δὲ πάντας τοὺς φίλους νὰ προσέλθωσι. Ὁ ἀξιολογώτατος κ. Σαμαράς ὑπενθυμίζει εἰς τὸ κοινὸν ὅτι ἡ παράστασις θὰ δοθῇ ἀπόψε εἰς τὸ θέατρον μετὰ πάσης ἐπιμελείας καὶ τάξεως, προσκαλεῖ δὲ πάντας τοὺς φίλους νὰ προσέλθωσι.
ΠΡΟΚΗΡΥΞΙΣ
Ὁ ἀξιολογώτατος κ. Σαμαράς ὑπενθυμίζει εἰς τὸ κοινὸν ὅτι ἡ παράστασις θὰ δοθῇ ἀπόψε εἰς τὸ θέατρον μετὰ πάσης ἐπιμελείας καὶ τάξεως, προσκαλεῖ δὲ πάντας τοὺς φίλους νὰ προσέλθωσι. Ὁ ἀξιολογώτατος κ. Σαμαράς ὑπενθυμίζει εἰς τὸ κοινὸν ὅτι ἡ παράστασις θὰ δοθῇ ἀπόψε εἰς τὸ θέατρον μετὰ πάσης ἐπιμελείας καὶ τάξεως, προσκαλεῖ δὲ πάντας τοὺς φίλους νὰ προσέλθωσι. Ὁ ἀξιολογώτατος κ. Σαμαράς ὑπενθυμίζει εἰς τὸ κοινὸν ὅτι ἡ παράστασις θὰ δοθῇ ἀπόψε εἰς τὸ θέατρον μετὰ πάσης ἐπιμελείας καὶ τάξεως, προσκαλεῖ δὲ πάντας τοὺς φίλους νὰ προσέλθωσι.
ΤΑΣΟΣ ΑΧ. ΑΣΤΕΡΙΑΔΗΣ
ΣΥΓΚΟΙΝΩΝΙΑΙ ΘΑΛΑΣΣΗΣ
ΑΝΑΧΩΡΗΣΕΙΣ ΑΤΜΟΠΛΟΙΩΝ
ΑΤΜΟΠΛΟΙΑ ΑΔΕΛΦΩΝ ΠΑΝΤΕΛΗ
ΤΑΧΕΙΑ ΓΡΑΜΜΗ ΜΑΣΣΑΛΙΑΣ
“ΚΑΤΕΡΙΝΑ,,
Ὁ ἀξιολογώτατος κ. Σαμαράς ὑπενθυμίζει εἰς τὸ κοινὸν ὅτι ἡ παράστασις θὰ δοθῇ ἀπόψε εἰς τὸ θέατρον μετὰ πάσης ἐπιμελείας καὶ τάξεως, προσκαλεῖ δὲ πάντας τοὺς φίλους νὰ προσέλθωσι. Ὁ ἀξιολογώτατος κ. Σαμαράς ὑπενθυμίζει εἰς τὸ κοινὸν ὅτι ἡ παράστασις θὰ δοθῇ ἀπόψε εἰς τὸ θέατρον μετὰ πάσης ἐπιμελείας καὶ τάξεως, προσκαλεῖ δὲ πάντας τοὺς φίλους νὰ προσέλθωσι. Ὁ ἀξιολογώτατος κ. Σαμαράς ὑπενθυμίζει εἰς τὸ κοινὸν ὅτι ἡ παράστασις θὰ δοθῇ ἀπόψε εἰς τὸ θέατρον μετὰ πάσης ἐπιμελείας καὶ τάξεως, προσκαλεῖ δὲ πάντας τοὺς φίλους νὰ προσέλθωσι.
Α. ΧΑΜΠΟΥΡΗ Α. Ε.
ΑΤΜΟΠΛΟΙΑ ΑΔΕΛΦ. ΠΑΝΔΕΛΗ
ΕΥΣΤΡΑΤΙΟΣ
Ὁ ἀξιολογώτατος κ. Σαμαράς ὑπενθυμίζει εἰς τὸ κοινὸν ὅτι ἡ παράστασις θὰ δοθῇ ἀπόψε εἰς τὸ θέατρον μετὰ πάσης ἐπιμελείας καὶ τάξεως, προσκαλεῖ δὲ πάντας τοὺς φίλους νὰ προσέλθωσι. Ὁ ἀξιολογώτατος κ. Σαμαράς ὑπενθυμίζει εἰς τὸ κοινὸν ὅτι ἡ παράστασις θὰ δοθῇ ἀπόψε εἰς τὸ θέατρον μετὰ πάσης ἐπιμελείας καὶ τάξεως, προσκαλεῖ δὲ πάντας τοὺς φίλους νὰ προσέλθωσι. Ὁ ἀξιολογώτατος κ. Σαμαράς ὑπενθυμίζει εἰς τὸ κοινὸν ὅτι ἡ παράστασις θὰ δοθῇ ἀπόψε εἰς τὸ θέατρον μετὰ πάσης ἐπιμελείας καὶ τάξεως, προσκαλεῖ δὲ πάντας τοὺς φίλους νὰ προσέλθωσι.
ΑΤΜΟΠΛΟΙΑ ΑΔΕΛΦ. ΠΑΝΔΕΛΗ
ΤΑΧΕΙΑ ΓΡΑΜΜΗ ΧΑΛΚΙΔΙΚΗΣ — ΠΟΡΤΟ-ΛΑΓΟΣ
ΑΛΕΞΑΝΔΡΟΣ
Ὁ ἀξιολογώτατος κ. Σαμαράς ὑπενθυμίζει εἰς τὸ κοινὸν ὅτι ἡ παράστασις θὰ δοθῇ ἀπόψε εἰς τὸ θέατρον μετὰ πάσης ἐπιμελείας καὶ τάξεως, προσκαλεῖ δὲ πάντας τοὺς φίλους νὰ προσέλθωσι. Ὁ ἀξιολογώτατος κ. Σαμαράς ὑπενθυμίζει εἰς τὸ κοινὸν ὅτι ἡ παράστασις θὰ δοθῇ ἀπόψε εἰς τὸ θέατρον μετὰ πάσης ἐπιμελείας καὶ τάξεως, προσκαλεῖ δὲ πάντας τοὺς φίλους νὰ προσέλθωσι. Ὁ ἀξιολογώτατος κ. Σαμαράς ὑπενθυμίζει εἰς τὸ κοινὸν ὅτι ἡ παράστασις θὰ δοθῇ ἀπόψε εἰς τὸ θέατρον μετὰ πάσης ἐπιμελείας καὶ τάξεως, προσκαλεῖ δὲ πάντας τοὺς φίλους νὰ προσέλθωσι.
ΑΝΩΝ. ΕΛΛΗΝ. ΕΤΑΙΡ. ΘΑΛΑΣ. ΕΠΙΧΕΙΡΗΣΕΩΝ
(ΠΑΛΗΟΥ)
ΠΡΑΚΤΟΡΕΙΟΝ ΘΕΣΣΑΛΟΝΙΚΗΣ
Ὁ ἀξιολογώτατος κ. Σαμαράς ὑπενθυμίζει εἰς τὸ κοινὸν ὅτι ἡ παράστασις θὰ δοθῇ ἀπόψε εἰς τὸ θέατρον μετὰ πάσης ἐπιμελείας καὶ τάξεως, προσκαλεῖ δὲ πάντας τοὺς φίλους νὰ προσέλθωσι. Ὁ ἀξιολογώτατος κ. Σαμαράς ὑπενθυμίζει εἰς τὸ κοινὸν ὅτι ἡ παράστασις θὰ δοθῇ ἀπόψε εἰς τὸ θέατρον μετὰ πάσης ἐπιμελείας καὶ τάξεως, προσκαλεῖ δὲ πάντας τοὺς φίλους νὰ προσέλθωσι. Ὁ ἀξιολογώτατος κ. Σαμαράς ὑπενθυμίζει εἰς τὸ κοινὸν ὅτι ἡ παράστασις θὰ δοθῇ ἀπόψε εἰς τὸ θέατρον μετὰ πάσης ἐπιμελείας καὶ τάξεως, προσκαλεῖ δὲ πάντας τοὺς φίλους νὰ προσέλθωσι.
ΓΕΝΙΚΟΝ ΠΡΑΚΤΟΡΕΙΟΝ ΔΙΕΘΝΩΝ ΤΑΞΕΙΔΙΩΝ
ΜΑΚΕΔΟΝΙΑΣ - ΘΕΣΣΑΛΙΑΣ
Ὁ ἀξιολογώτατος κ. Σαμαράς ὑπενθυμίζει εἰς τὸ κοινὸν ὅτι ἡ παράστασις θὰ δοθῇ ἀπόψε εἰς τὸ θέατρον μετὰ πάσης ἐπιμελείας καὶ τάξεως, προσκαλεῖ δὲ πάντας τοὺς φίλους νὰ προσέλθωσι. Ὁ ἀξιολογώτατος κ. Σαμαράς ὑπενθυμίζει εἰς τὸ κοινὸν ὅτι ἡ παράστασις θὰ δοθῇ ἀπόψε εἰς τὸ θέατρον μετὰ πάσης ἐπιμελείας καὶ τάξεως, προσκαλεῖ δὲ πάντας τοὺς φίλους νὰ προσέλθωσι. Ὁ ἀξιολογώτατος κ. Σαμαράς ὑπενθυμίζει εἰς τὸ κοινὸν ὅτι ἡ παράστασις θὰ δοθῇ ἀπόψε εἰς τὸ θέατρον μετὰ πάσης ἐπιμελείας καὶ τάξεως, προσκαλεῖ δὲ πάντας τοὺς φίλους νὰ προσέλθωσι.
Ὁ ἀξιολογώτατος κ. Σαμαράς ὑπενθυμίζει εἰς τὸ κοινὸν ὅτι ἡ παράστασις θὰ δοθῇ ἀπόψε εἰς τὸ θέατρον μετὰ πάσης ἐπιμελείας καὶ τάξεως, προσκαλεῖ δὲ πάντας τοὺς φίλους νὰ προσέλθωσι. Ὁ ἀξιολογώτατος κ. Σαμαράς ὑπενθυμίζει εἰς τὸ κοινὸν ὅτι ἡ παράστασις θὰ δοθῇ ἀπόψε εἰς τὸ θέατρον μετὰ πάσης ἐπιμελείας καὶ τάξεως, προσκαλεῖ δὲ πάντας τοὺς φίλους νὰ προσέλθωσι. Ὁ ἀξιολογώτατος κ. Σαμαράς ὑπενθυμίζει εἰς τὸ κοινὸν ὅτι ἡ παράστασις θὰ δοθῇ ἀπόψε εἰς τὸ θέατρον μετὰ πάσης ἐπιμελείας καὶ τάξεως, προσκαλεῖ δὲ πάντας τοὺς φίλους νὰ προσέλθωσι.
ΔΗΜΟΣ. ΠΑΠΑΓΙΑΝΝΟΥ
